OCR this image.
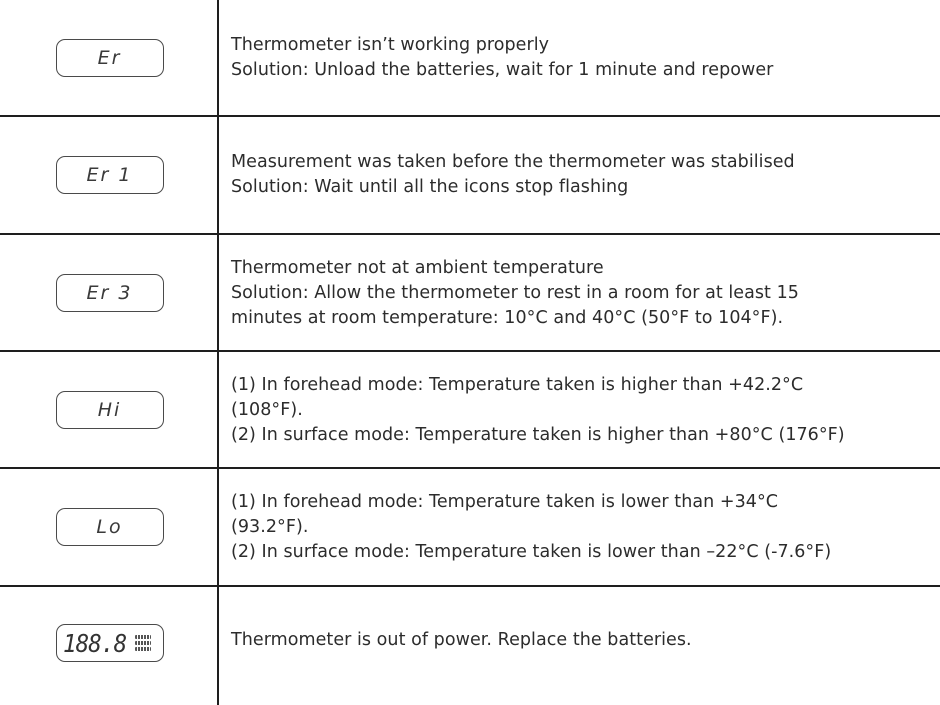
Er
Thermometer isn’t working properly
Solution: Unload the batteries, wait for 1 minute and repower
Er 1
Measurement was taken before the thermometer was stabilised
Solution: Wait until all the icons stop flashing
Er 3
Thermometer not at ambient temperature
Solution: Allow the thermometer to rest in a room for at least 15
minutes at room temperature: 10°C and 40°C (50°F to 104°F).
Hi
(1) In forehead mode: Temperature taken is higher than +42.2°C
(108°F).
(2) In surface mode: Temperature taken is higher than +80°C (176°F)
Lo
(1) In forehead mode: Temperature taken is lower than +34°C
(93.2°F).
(2) In surface mode: Temperature taken is lower than –22°C (-7.6°F)
188.8	Thermometer is out of power. Replace the batteries.
